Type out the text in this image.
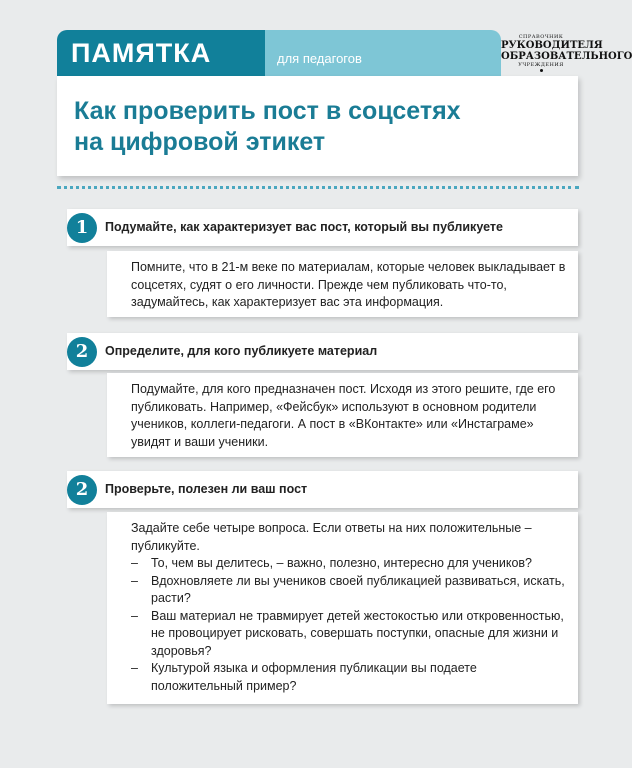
ПАМЯТКА	для педагогов
СПРАВОЧНИК
РУКОВОДИТЕЛЯ
ОБРАЗОВАТЕЛЬНОГО
УЧРЕЖДЕНИЯ
Как проверить пост в соцсетях
на цифровой этикет
1	Подумайте, как характеризует вас пост, который вы публикуете

Помните, что в 21-м веке по материалам, которые человек выкладывает в соцсетях, судят о его личности. Прежде чем публиковать что-то, задумайтесь, как характеризует вас эта информация.

2	Определите, для кого публикуете материал

Подумайте, для кого предназначен пост. Исходя из этого решите, где его публиковать. Например, «Фейсбук» используют в основном родители учеников, коллеги-педагоги. А пост в «ВКонтакте» или «Инстаграме» увидят и ваши ученики.

2	Проверьте, полезен ли ваш пост

Задайте себе четыре вопроса. Если ответы на них положительные – публикуйте.

– То, чем вы делитесь, – важно, полезно, интересно для учеников?
– Вдохновляете ли вы учеников своей публикацией развиваться, искать, расти?
– Ваш материал не травмирует детей жестокостью или откровенностью, не провоцирует рисковать, совершать поступки, опасные для жизни и здоровья?
– Культурой языка и оформления публикации вы подаете положительный пример?
